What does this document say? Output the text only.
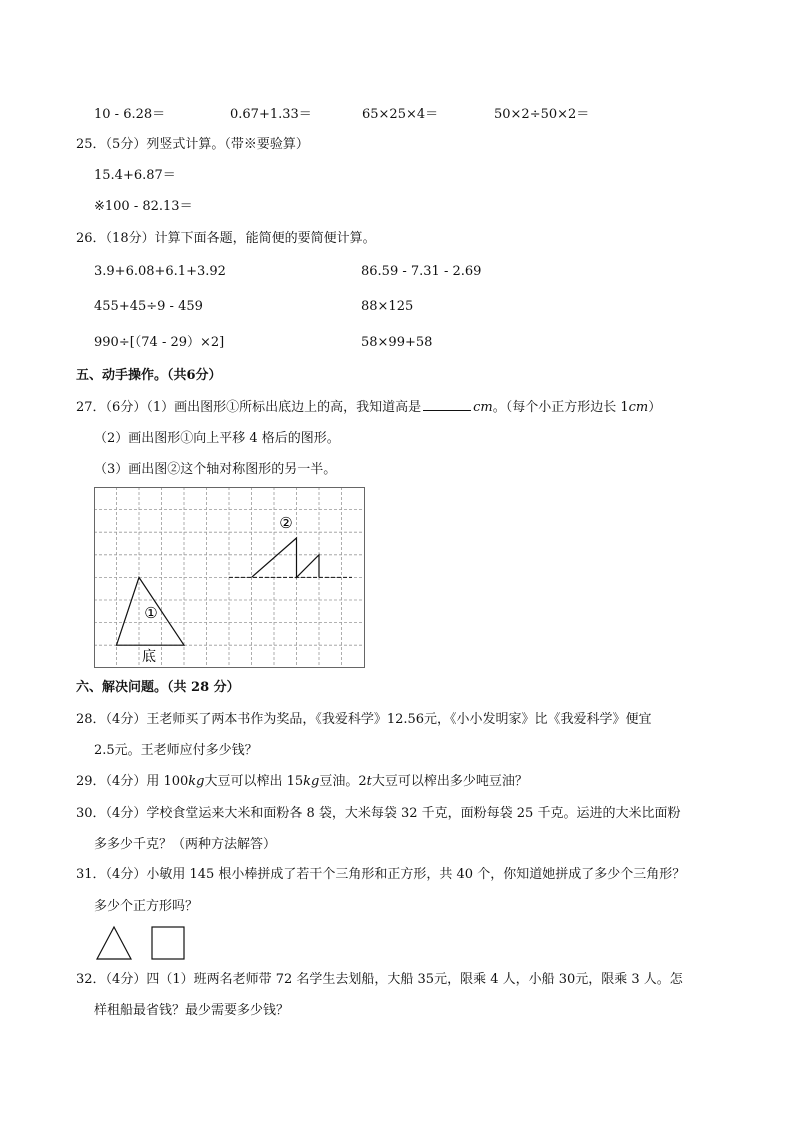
10 - 6.28＝	0.67+1.33＝	65×25×4＝	50×2÷50×2＝
25．（5分）列竖式计算。（带※要验算）
15.4+6.87＝
※100 - 82.13＝
26．（18分）计算下面各题，能简便的要简便计算。
3.9+6.08+6.1+3.92	86.59 - 7.31 - 2.69
455+45÷9 - 459	88×125
990÷[（74 - 29）×2]	58×99+58
五、动手操作。（共6分）
27．（6分）（1）画出图形①所标出底边上的高，我知道高是	cm。（每个小正方形边长 1cm）
（2）画出图形①向上平移 4 格后的图形。
（3）画出图②这个轴对称图形的另一半。
①
底
②
六、解决问题。（共 28 分）
28．（4分）王老师买了两本书作为奖品，《我爱科学》12.56元，《小小发明家》比《我爱科学》便宜
2.5元。王老师应付多少钱？
29．（4分）用 100kg大豆可以榨出 15kg豆油。2t大豆可以榨出多少吨豆油？
30．（4分）学校食堂运来大米和面粉各 8 袋，大米每袋 32 千克，面粉每袋 25 千克。运进的大米比面粉
多多少千克？（两种方法解答）
31．（4分）小敏用 145 根小棒拼成了若干个三角形和正方形，共 40 个，你知道她拼成了多少个三角形？
多少个正方形吗？
32．（4分）四（1）班两名老师带 72 名学生去划船，大船 35元，限乘 4 人，小船 30元，限乘 3 人。怎
样租船最省钱？最少需要多少钱？
